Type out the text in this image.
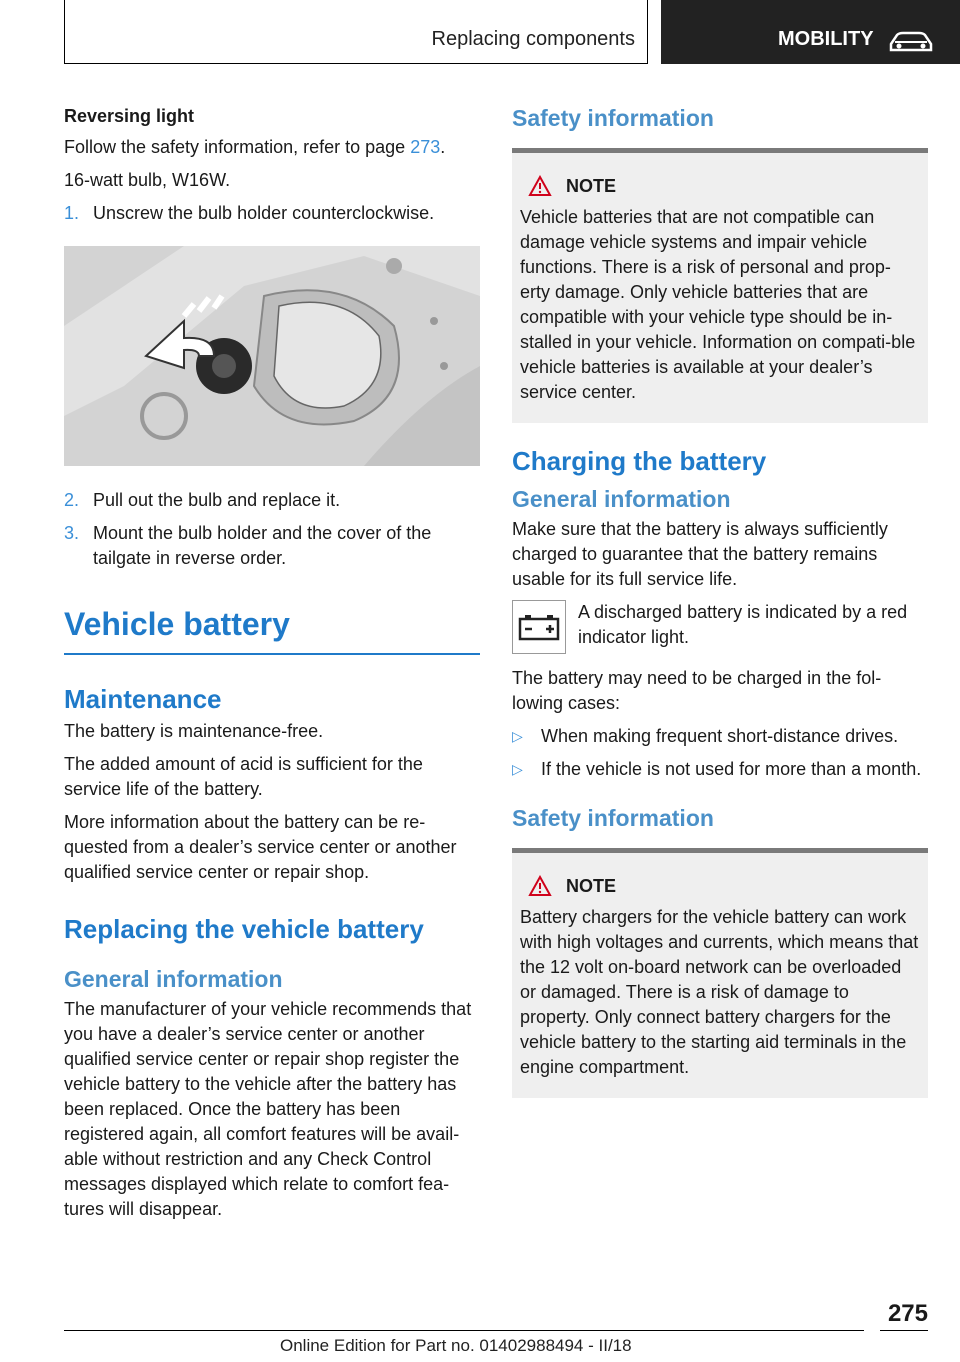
Replacing components	MOBILITY
Reversing light

Follow the safety information, refer to page 273.

16-watt bulb, W16W.

1. Unscrew the bulb holder counterclockwise.
2. Pull out the bulb and replace it.
3. Mount the bulb holder and the cover of the tailgate in reverse order.
Vehicle battery
Maintenance

The battery is maintenance-free.

The added amount of acid is sufficient for the service life of the battery.

More information about the battery can be re‐quested from a dealer’s service center or another qualified service center or repair shop.

Replacing the vehicle battery
General information

The manufacturer of your vehicle recommends that you have a dealer’s service center or another qualified service center or repair shop register the vehicle battery to the vehicle after the battery has been replaced. Once the battery has been registered again, all comfort features will be avail‐able without restriction and any Check Control messages displayed which relate to comfort fea‐tures will disappear.

Safety information
NOTE

Vehicle batteries that are not compatible can damage vehicle systems and impair vehicle functions. There is a risk of personal and prop‐erty damage. Only vehicle batteries that are compatible with your vehicle type should be in‐stalled in your vehicle. Information on compati‐ble vehicle batteries is available at your dealer’s service center.

Charging the battery
General information

Make sure that the battery is always sufficiently charged to guarantee that the battery remains usable for its full service life.

A discharged battery is indicated by a red indicator light.

The battery may need to be charged in the fol‐lowing cases:

▷	When making frequent short-distance drives.
▷	If the vehicle is not used for more than a month.
Safety information
NOTE

Battery chargers for the vehicle battery can work with high voltages and currents, which means that the 12 volt on-board network can be overloaded or damaged. There is a risk of damage to property. Only connect battery chargers for the vehicle battery to the starting aid terminals in the engine compartment.

275
Online Edition for Part no. 01402988494 - II/18
